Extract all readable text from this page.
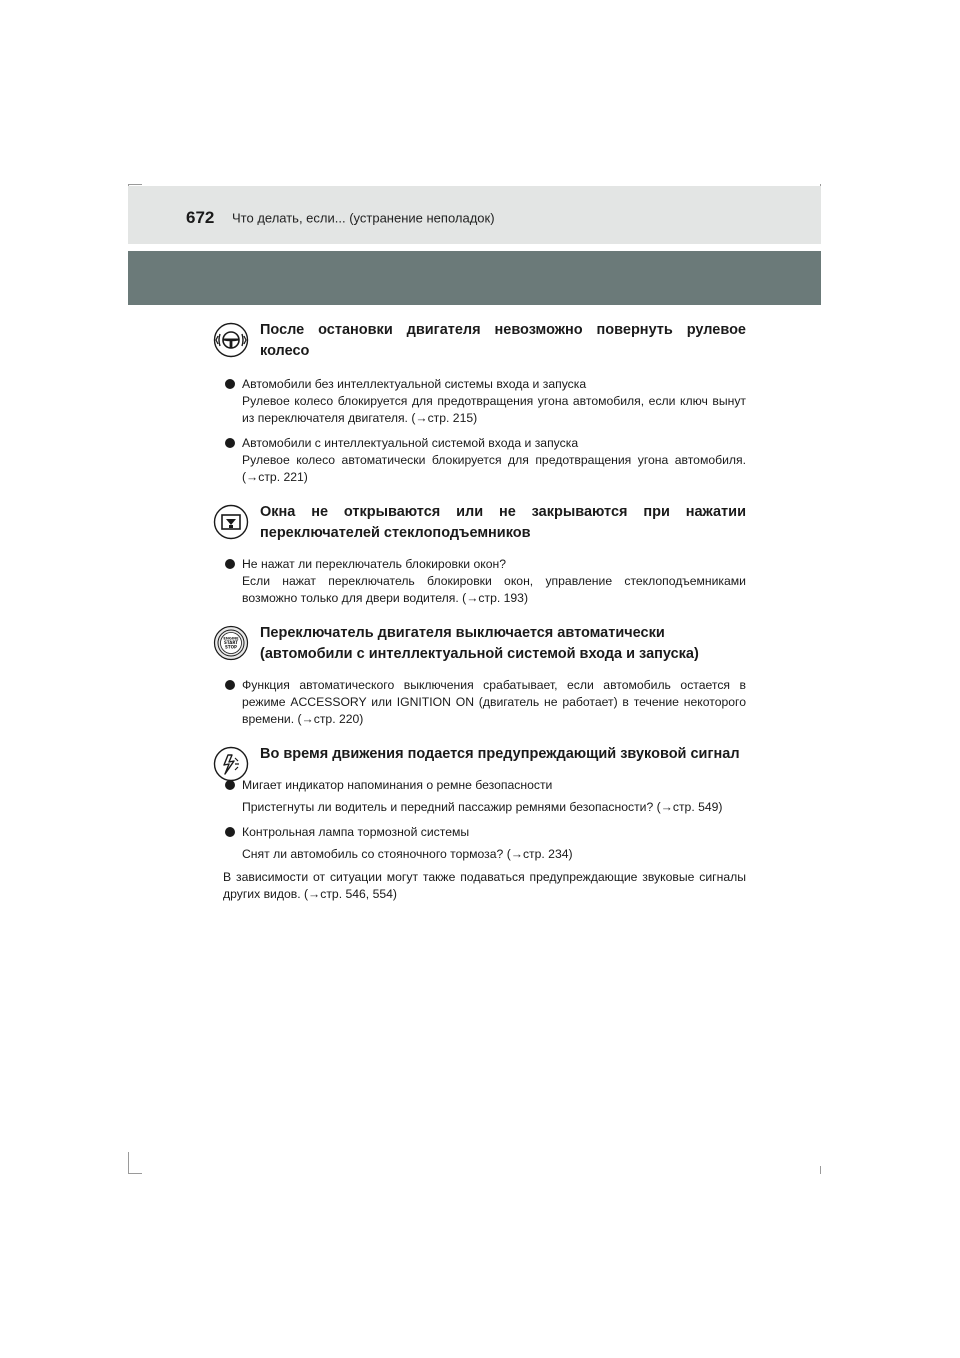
672 Что делать, если... (устранение неполадок)

После остановки двигателя невозможно повернуть рулевое колесо

Автомобили без интеллектуальной системы входа и запуска

Рулевое колесо блокируется для предотвращения угона автомобиля, если ключ вынут из переключателя двигателя. (→стр. 215)

Автомобили с интеллектуальной системой входа и запуска

Рулевое колесо автоматически блокируется для предотвращения угона автомобиля. (→стр. 221)

Окна не открываются или не закрываются при нажатии переключателей стеклоподъемников

Не нажат ли переключатель блокировки окон?

Если нажат переключатель блокировки окон, управление стеклоподъемниками возможно только для двери водителя. (→стр. 193)

ENGINE
START
STOP

Переключатель двигателя выключается автоматически

(автомобили с интеллектуальной системой входа и запуска)

Функция автоматического выключения срабатывает, если автомобиль остается в режиме ACCESSORY или IGNITION ON (двигатель не работает) в течение некоторого времени. (→стр. 220)

Во время движения подается предупреждающий звуковой сигнал

Мигает индикатор напоминания о ремне безопасности

Пристегнуты ли водитель и передний пассажир ремнями безопасности? (→стр. 549)

Контрольная лампа тормозной системы

Снят ли автомобиль со стояночного тормоза? (→стр. 234)

В зависимости от ситуации могут также подаваться предупреждающие звуковые сигналы других видов. (→стр. 546, 554)
